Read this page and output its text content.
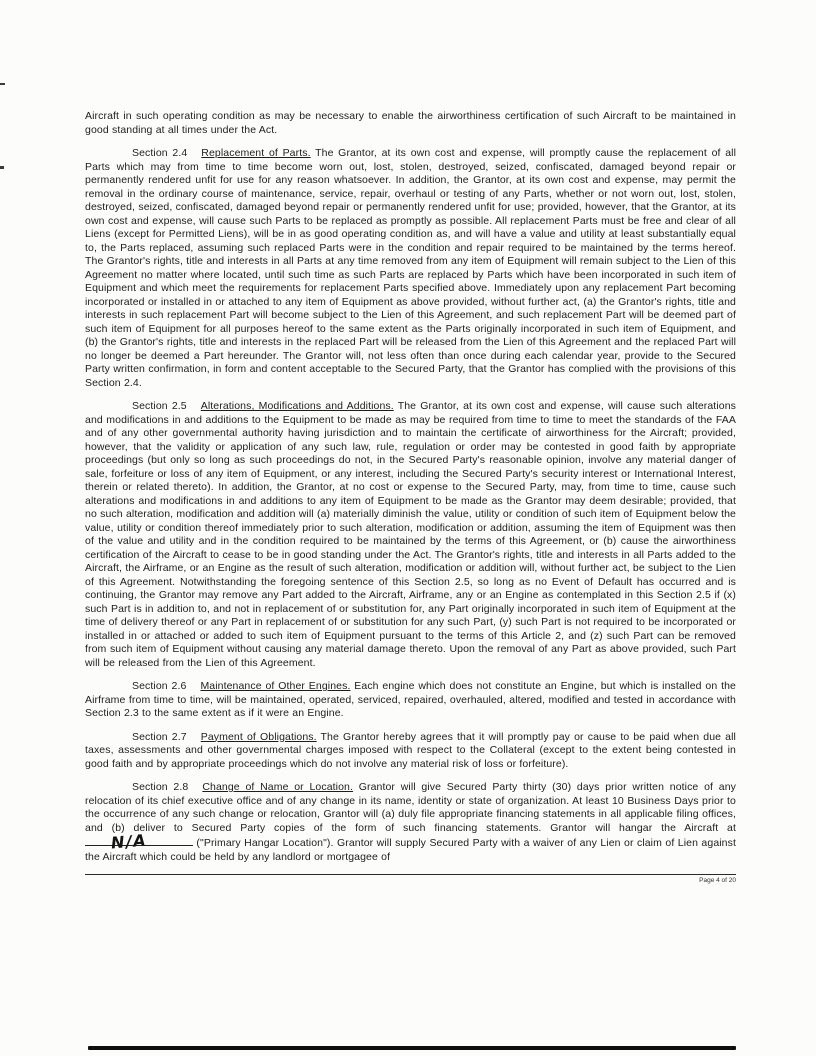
Aircraft in such operating condition as may be necessary to enable the airworthiness certification of such Aircraft to be maintained in good standing at all times under the Act.

Section 2.4 Replacement of Parts. The Grantor, at its own cost and expense, will promptly cause the replacement of all Parts which may from time to time become worn out, lost, stolen, destroyed, seized, confiscated, damaged beyond repair or permanently rendered unfit for use for any reason whatsoever. In addition, the Grantor, at its own cost and expense, may permit the removal in the ordinary course of maintenance, service, repair, overhaul or testing of any Parts, whether or not worn out, lost, stolen, destroyed, seized, confiscated, damaged beyond repair or permanently rendered unfit for use; provided, however, that the Grantor, at its own cost and expense, will cause such Parts to be replaced as promptly as possible. All replacement Parts must be free and clear of all Liens (except for Permitted Liens), will be in as good operating condition as, and will have a value and utility at least substantially equal to, the Parts replaced, assuming such replaced Parts were in the condition and repair required to be maintained by the terms hereof. The Grantor's rights, title and interests in all Parts at any time removed from any item of Equipment will remain subject to the Lien of this Agreement no matter where located, until such time as such Parts are replaced by Parts which have been incorporated in such item of Equipment and which meet the requirements for replacement Parts specified above. Immediately upon any replacement Part becoming incorporated or installed in or attached to any item of Equipment as above provided, without further act, (a) the Grantor's rights, title and interests in such replacement Part will become subject to the Lien of this Agreement, and such replacement Part will be deemed part of such item of Equipment for all purposes hereof to the same extent as the Parts originally incorporated in such item of Equipment, and (b) the Grantor's rights, title and interests in the replaced Part will be released from the Lien of this Agreement and the replaced Part will no longer be deemed a Part hereunder. The Grantor will, not less often than once during each calendar year, provide to the Secured Party written confirmation, in form and content acceptable to the Secured Party, that the Grantor has complied with the provisions of this Section 2.4.

Section 2.5 Alterations, Modifications and Additions. The Grantor, at its own cost and expense, will cause such alterations and modifications in and additions to the Equipment to be made as may be required from time to time to meet the standards of the FAA and of any other governmental authority having jurisdiction and to maintain the certificate of airworthiness for the Aircraft; provided, however, that the validity or application of any such law, rule, regulation or order may be contested in good faith by appropriate proceedings (but only so long as such proceedings do not, in the Secured Party's reasonable opinion, involve any material danger of sale, forfeiture or loss of any item of Equipment, or any interest, including the Secured Party's security interest or International Interest, therein or related thereto). In addition, the Grantor, at no cost or expense to the Secured Party, may, from time to time, cause such alterations and modifications in and additions to any item of Equipment to be made as the Grantor may deem desirable; provided, that no such alteration, modification and addition will (a) materially diminish the value, utility or condition of such item of Equipment below the value, utility or condition thereof immediately prior to such alteration, modification or addition, assuming the item of Equipment was then of the value and utility and in the condition required to be maintained by the terms of this Agreement, or (b) cause the airworthiness certification of the Aircraft to cease to be in good standing under the Act. The Grantor's rights, title and interests in all Parts added to the Aircraft, the Airframe, or an Engine as the result of such alteration, modification or addition will, without further act, be subject to the Lien of this Agreement. Notwithstanding the foregoing sentence of this Section 2.5, so long as no Event of Default has occurred and is continuing, the Grantor may remove any Part added to the Aircraft, Airframe, any or an Engine as contemplated in this Section 2.5 if (x) such Part is in addition to, and not in replacement of or substitution for, any Part originally incorporated in such item of Equipment at the time of delivery thereof or any Part in replacement of or substitution for any such Part, (y) such Part is not required to be incorporated or installed in or attached or added to such item of Equipment pursuant to the terms of this Article 2, and (z) such Part can be removed from such item of Equipment without causing any material damage thereto. Upon the removal of any Part as above provided, such Part will be released from the Lien of this Agreement.

Section 2.6 Maintenance of Other Engines. Each engine which does not constitute an Engine, but which is installed on the Airframe from time to time, will be maintained, operated, serviced, repaired, overhauled, altered, modified and tested in accordance with Section 2.3 to the same extent as if it were an Engine.

Section 2.7 Payment of Obligations. The Grantor hereby agrees that it will promptly pay or cause to be paid when due all taxes, assessments and other governmental charges imposed with respect to the Collateral (except to the extent being contested in good faith and by appropriate proceedings which do not involve any material risk of loss or forfeiture).

Section 2.8 Change of Name or Location. Grantor will give Secured Party thirty (30) days prior written notice of any relocation of its chief executive office and of any change in its name, identity or state of organization. At least 10 Business Days prior to the occurrence of any such change or relocation, Grantor will (a) duly file appropriate financing statements in all applicable filing offices, and (b) deliver to Secured Party copies of the form of such financing statements. Grantor will hangar the Aircraft at
N/A	("Primary Hangar Location"). Grantor will supply Secured Party with a waiver of any Lien or claim of Lien against the Aircraft which could be held by any landlord or mortgagee of

Page 4 of 20
